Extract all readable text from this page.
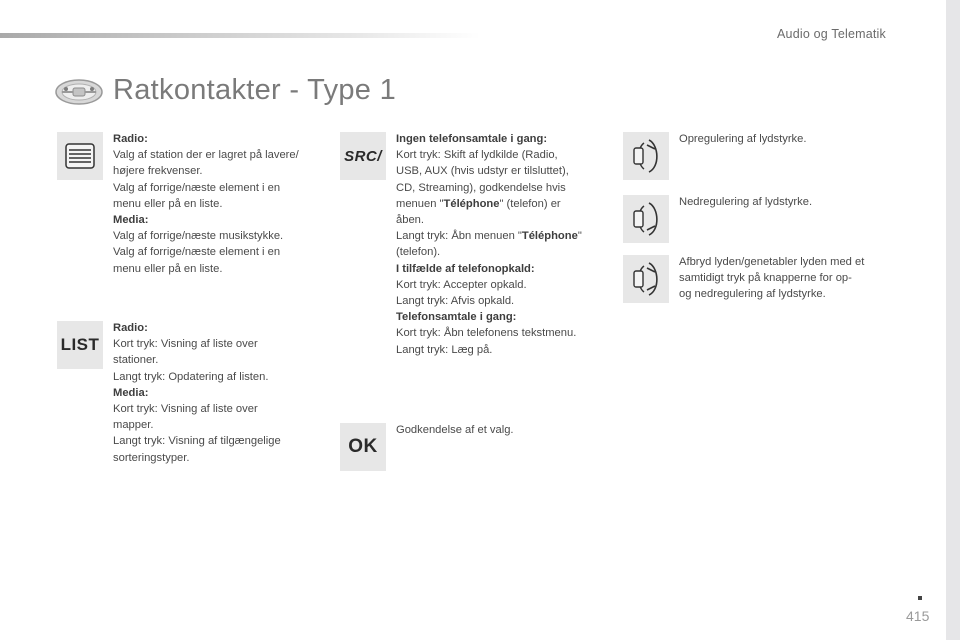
Audio og Telematik
Ratkontakter - Type 1

Radio:

Valg af station der er lagret på lavere/

højere frekvenser.

Valg af forrige/næste element i en

menu eller på en liste.

Media:

Valg af forrige/næste musikstykke.

Valg af forrige/næste element i en

menu eller på en liste.

LIST

Radio:

Kort tryk: Visning af liste over

stationer.

Langt tryk: Opdatering af listen.

Media:

Kort tryk: Visning af liste over

mapper.

Langt tryk: Visning af tilgængelige

sorteringstyper.

SRC/

Ingen telefonsamtale i gang:

Kort tryk: Skift af lydkilde (Radio,

USB, AUX (hvis udstyr er tilsluttet),

CD, Streaming), godkendelse hvis

menuen "Téléphone" (telefon) er

åben.

Langt tryk: Åbn menuen "Téléphone"

(telefon).

I tilfælde af telefonopkald:

Kort tryk: Accepter opkald.

Langt tryk: Afvis opkald.

Telefonsamtale i gang:

Kort tryk: Åbn telefonens tekstmenu.

Langt tryk: Læg på.

OK

Godkendelse af et valg.

Opregulering af lydstyrke.

Nedregulering af lydstyrke.

Afbryd lyden/genetabler lyden med et

samtidigt tryk på knapperne for op-

og nedregulering af lydstyrke.

415
